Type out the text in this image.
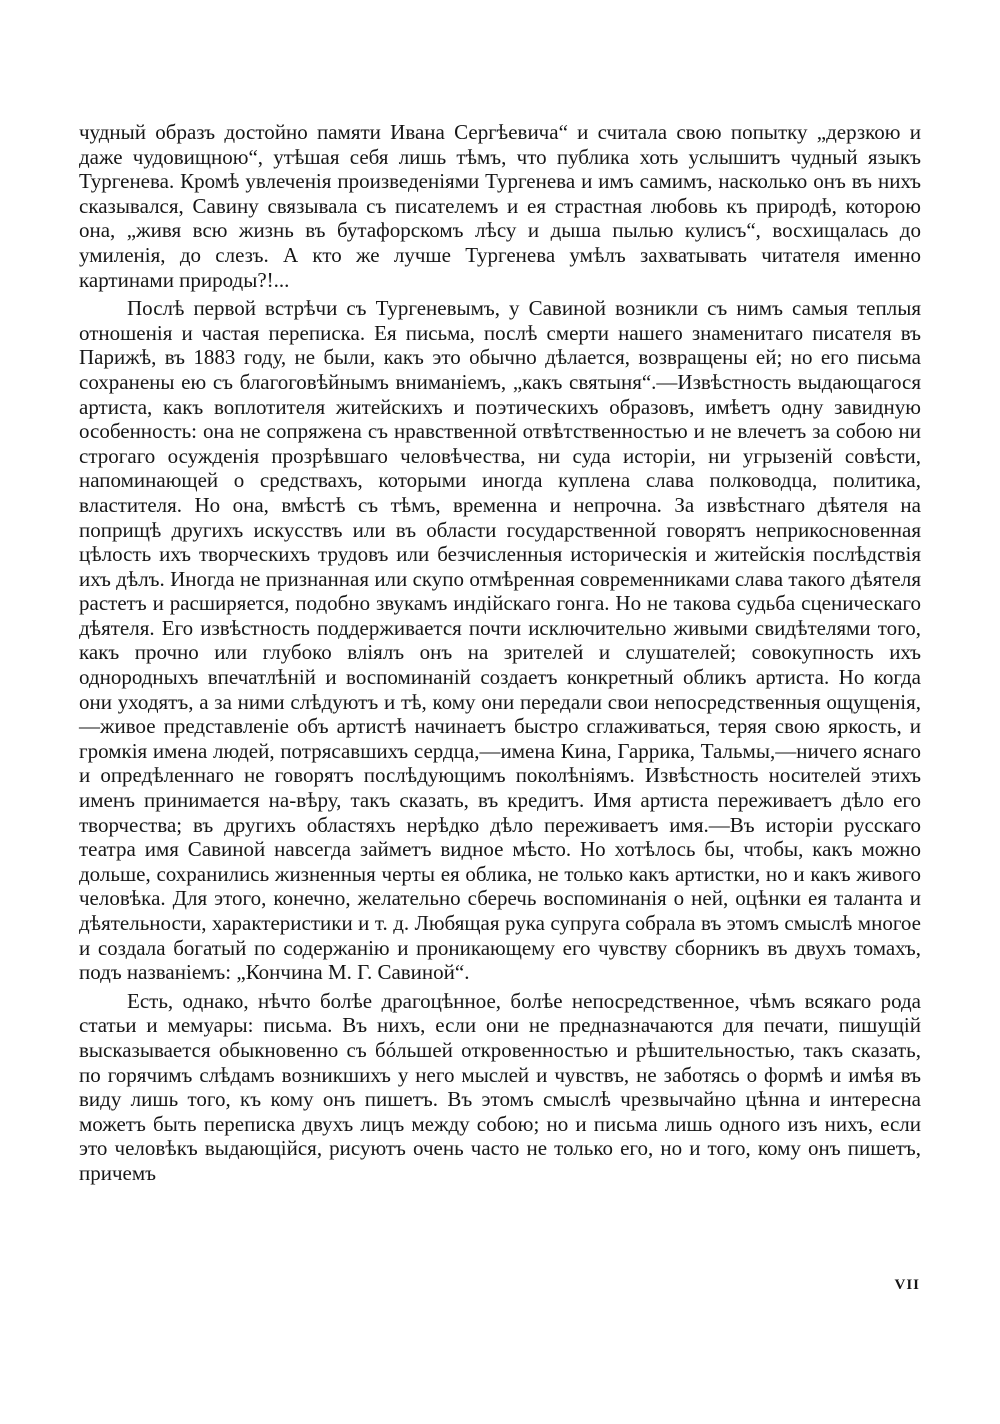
чудный образъ достойно памяти Ивана Сергѣевича“ и считала свою попытку „дерзкою и даже чудовищною“, утѣшая себя лишь тѣмъ, что публика хоть услышитъ чудный языкъ Тургенева. Кромѣ увлеченія произведеніями Тургенева и имъ самимъ, насколько онъ въ нихъ сказывался, Савину связывала съ писателемъ и ея страстная любовь къ природѣ, которою она, „живя всю жизнь въ бутафорскомъ лѣсу и дыша пылью кулисъ“, восхищалась до умиленія, до слезъ. А кто же лучше Тургенева умѣлъ захватывать читателя именно картинами природы?!...

Послѣ первой встрѣчи съ Тургеневымъ, у Савиной возникли съ нимъ самыя теплыя отношенія и частая переписка. Ея письма, послѣ смерти нашего знаменитаго писателя въ Парижѣ, въ 1883 году, не были, какъ это обычно дѣлается, возвращены ей; но его письма сохранены ею съ благоговѣйнымъ вниманіемъ, „какъ святыня“.—Извѣстность выдающагося артиста, какъ воплотителя житейскихъ и поэтическихъ образовъ, имѣетъ одну завидную особенность: она не сопряжена съ нравственной отвѣтственностью и не влечетъ за собою ни строгаго осужденія прозрѣвшаго человѣчества, ни суда исторіи, ни угрызеній совѣсти, напоминающей о средствахъ, которыми иногда куплена слава полководца, политика, властителя. Но она, вмѣстѣ съ тѣмъ, временна и непрочна. За извѣстнаго дѣятеля на поприщѣ другихъ искусствъ или въ области государственной говорятъ неприкосновенная цѣлость ихъ творческихъ трудовъ или безчисленныя историческія и житейскія послѣдствія ихъ дѣлъ. Иногда не признанная или скупо отмѣренная современниками слава такого дѣятеля растетъ и расширяется, подобно звукамъ индійскаго гонга. Но не такова судьба сценическаго дѣятеля. Его извѣстность поддерживается почти исключительно живыми свидѣтелями того, какъ прочно или глубоко вліялъ онъ на зрителей и слушателей; совокупность ихъ однородныхъ впечатлѣній и воспоминаній создаетъ конкретный обликъ артиста. Но когда они уходятъ, а за ними слѣдуютъ и тѣ, кому они передали свои непосредственныя ощущенія,—живое представленіе объ артистѣ начинаетъ быстро сглаживаться, теряя свою яркость, и громкія имена людей, потрясавшихъ сердца,—имена Кина, Гаррика, Тальмы,—ничего яснаго и опредѣленнаго не говорятъ послѣдующимъ поколѣніямъ. Извѣстность носителей этихъ именъ принимается на-вѣру, такъ сказать, въ кредитъ. Имя артиста переживаетъ дѣло его творчества; въ другихъ областяхъ нерѣдко дѣло переживаетъ имя.—Въ исторіи русскаго театра имя Савиной навсегда займетъ видное мѣсто. Но хотѣлось бы, чтобы, какъ можно дольше, сохранились жизненныя черты ея облика, не только какъ артистки, но и какъ живого человѣка. Для этого, конечно, желательно сберечь воспоминанія о ней, оцѣнки ея таланта и дѣятельности, характеристики и т. д. Любящая рука супруга собрала въ этомъ смыслѣ многое и создала богатый по содержанію и проникающему его чувству сборникъ въ двухъ томахъ, подъ названіемъ: „Кончина М. Г. Савиной“.

Есть, однако, нѣчто болѣе драгоцѣнное, болѣе непосредственное, чѣмъ всякаго рода статьи и мемуары: письма. Въ нихъ, если они не предназначаются для печати, пишущій высказывается обыкновенно съ бóльшей откровенностью и рѣшительностью, такъ сказать, по горячимъ слѣдамъ возникшихъ у него мыслей и чувствъ, не заботясь о формѣ и имѣя въ виду лишь того, къ кому онъ пишетъ. Въ этомъ смыслѣ чрезвычайно цѣнна и интересна можетъ быть переписка двухъ лицъ между собою; но и письма лишь одного изъ нихъ, если это человѣкъ выдающійся, рисуютъ очень часто не только его, но и того, кому онъ пишетъ, причемъ

VII
